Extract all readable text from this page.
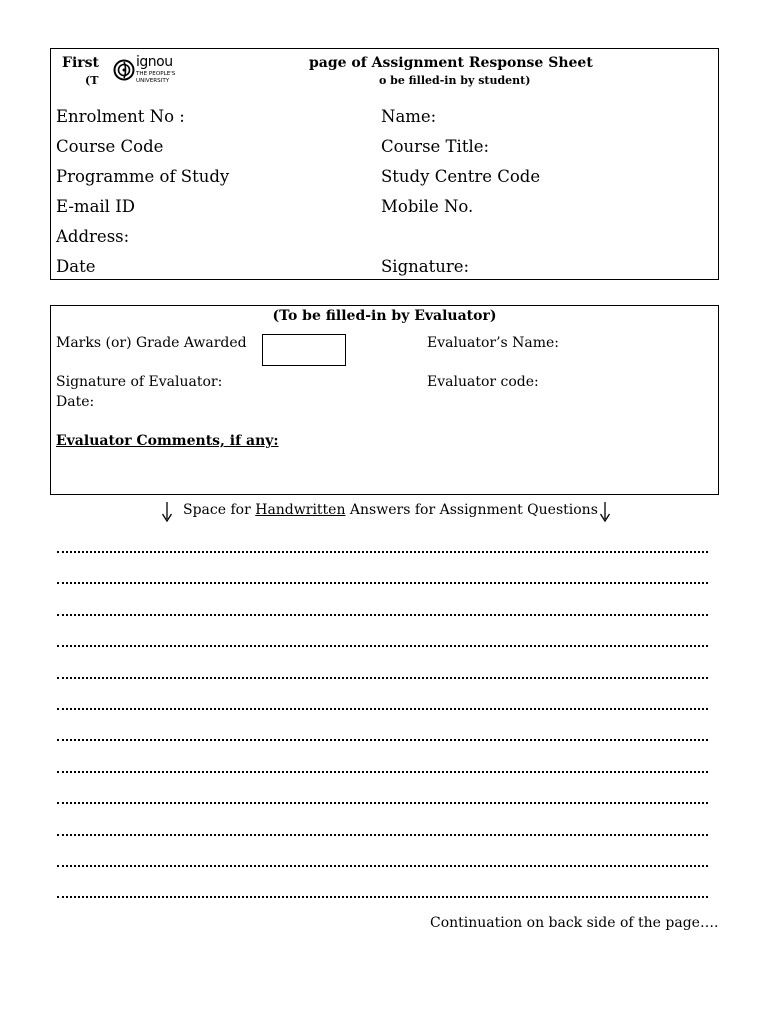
First
(T
ignou
THE PEOPLE'S
UNIVERSITY
page of Assignment Response Sheet
o be filled-in by student)
Enrolment No :	Name:
Course Code	Course Title:
Programme of Study	Study Centre Code
E-mail ID	Mobile No.
Address:
Date	Signature:
(To be filled-in by Evaluator)
Marks (or) Grade Awarded	Evaluator’s Name:
Signature of Evaluator:	Evaluator code:
Date:
Evaluator Comments, if any:
Space for Handwritten Answers for Assignment Questions
Continuation on back side of the page….
